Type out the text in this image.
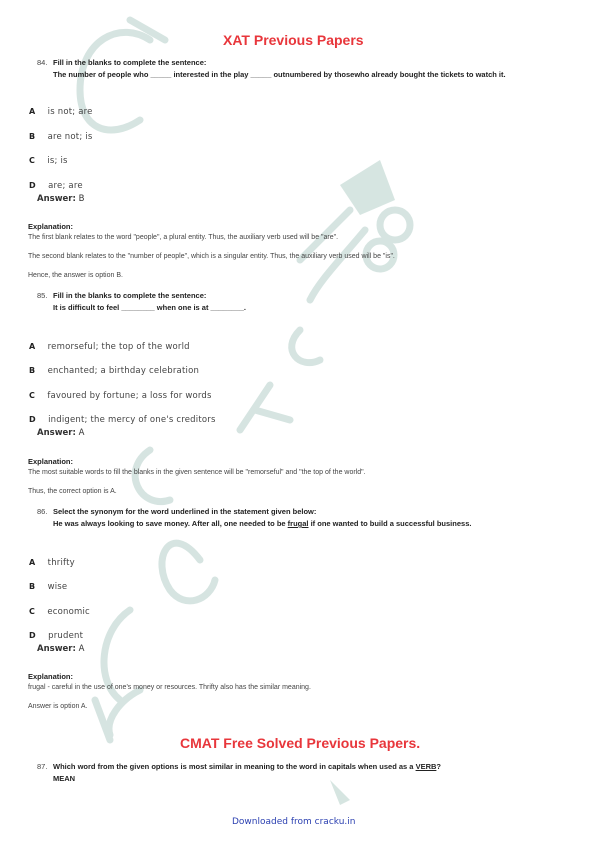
XAT Previous Papers
84. Fill in the blanks to complete the sentence:
The number of people who _____ interested in the play _____ outnumbered by thosewho already bought the tickets to watch it.
A is not; are
B are not; is
C is; is
D are; are
Answer: B
Explanation:
The first blank relates to the word "people", a plural entity. Thus, the auxiliary verb used will be "are".
The second blank relates to the "number of people", which is a singular entity. Thus, the auxiliary verb used will be "is".
Hence, the answer is option B.
85. Fill in the blanks to complete the sentence:
It is difficult to feel ________ when one is at ________.
A remorseful; the top of the world
B enchanted; a birthday celebration
C favoured by fortune; a loss for words
D indigent; the mercy of one's creditors
Answer: A
Explanation:
The most suitable words to fill the blanks in the given sentence will be "remorseful" and "the top of the world".
Thus, the correct option is A.
86. Select the synonym for the word underlined in the statement given below:
He was always looking to save money. After all, one needed to be frugal if one wanted to build a successful business.
A thrifty
B wise
C economic
D prudent
Answer: A
Explanation:
frugal - careful in the use of one's money or resources. Thrifty also has the similar meaning.
Answer is option A.
CMAT Free Solved Previous Papers.
87. Which word from the given options is most similar in meaning to the word in capitals when used as a VERB?
MEAN
Downloaded from cracku.in
